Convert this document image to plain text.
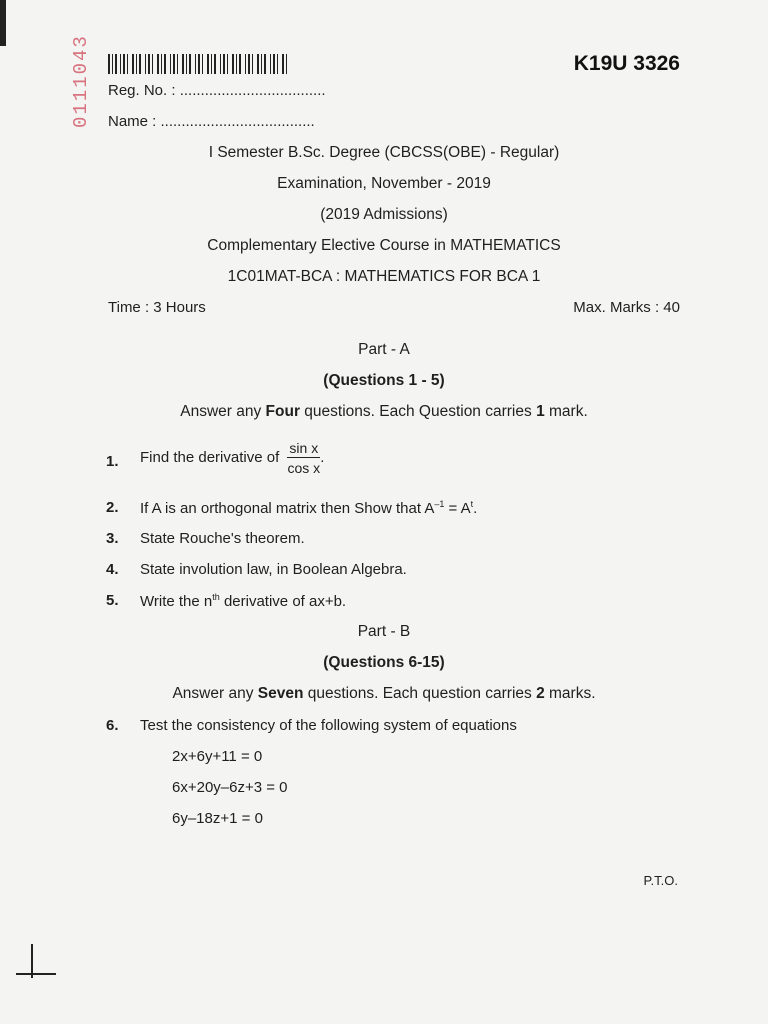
0111043	K19U 3326
Reg. No. : ...................................
Name : .....................................
I Semester B.Sc. Degree (CBCSS(OBE) - Regular)
Examination, November - 2019
(2019 Admissions)
Complementary Elective Course in MATHEMATICS
1C01MAT-BCA : MATHEMATICS FOR BCA 1
Time : 3 Hours	Max. Marks : 40
Part - A
(Questions 1 - 5)
Answer any Four questions. Each Question carries 1 mark.
1. Find the derivative of $\frac{\text{sin x}}{\text{cos x}}$ .
2. If A is an orthogonal matrix then Show that $A^{-1} = A^t$.
3. State Rouche's theorem.
4. State involution law, in Boolean Algebra.
5. Write the $n^{th}$ derivative of ax+b.
Part - B
(Questions 6-15)
Answer any Seven questions. Each question carries 2 marks.
6. Test the consistency of the following system of equations
2x+6y+11 = 0
6x+20y–6z+3 = 0
6y–18z+1 = 0
P.T.O.
